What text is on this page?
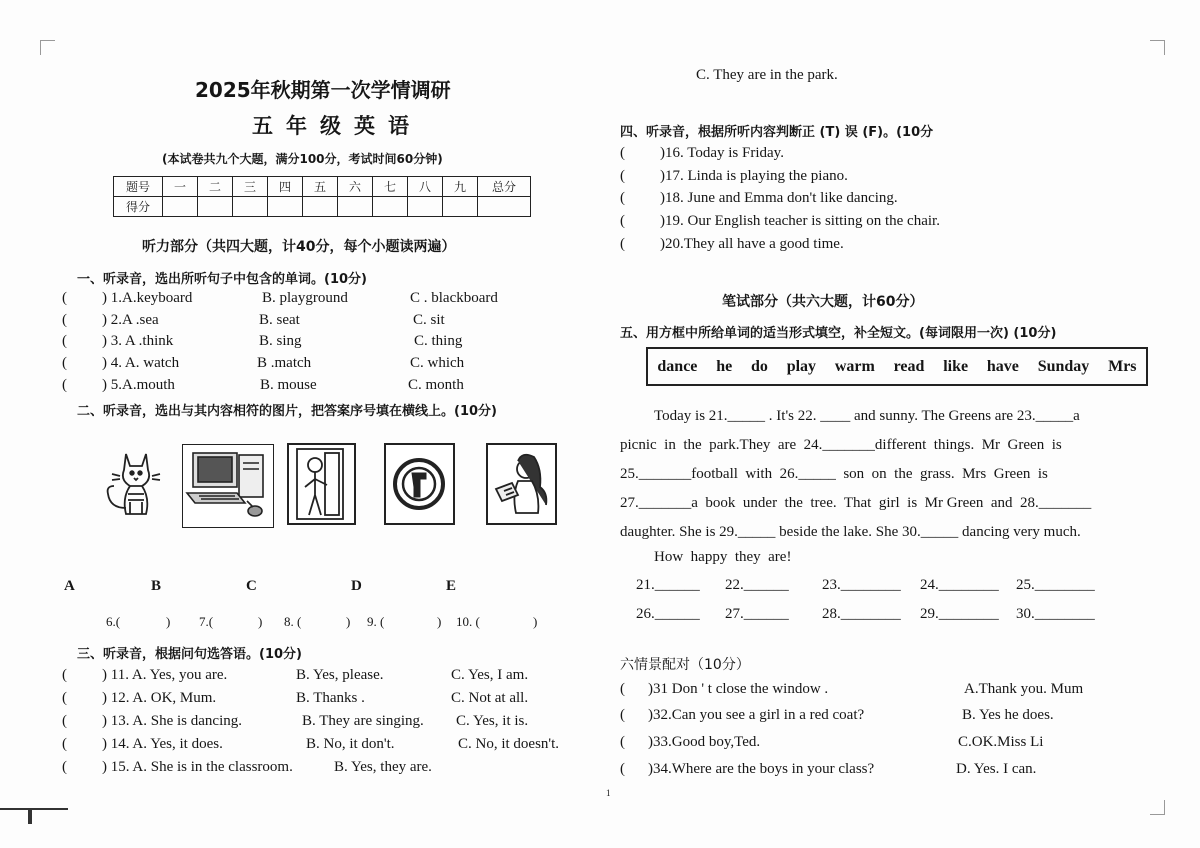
2025年秋期第一次学情调研
五年级英语
(本试卷共九个大题，满分100分，考试时间60分钟)
题号	一	二	三	四	五	六	七	八	九	总分
得分										
听力部分（共四大题，计40分，每个小题读两遍）
一、听录音，选出所听句子中包含的单词。(10分)
( ) 1.A.keyboard	B. playground	C . blackboard
( ) 2.A .sea	B. seat	C. sit
( ) 3. A .think	B. sing	C. thing
( ) 4. A. watch	B .match	C. which
( ) 5.A.mouth	B. mouse	C. month
二、听录音，选出与其内容相符的图片，把答案序号填在横线上。(10分)
A	B	C	D	E
6.(	) 7.(	) 8. (	) 9. (	) 10. (	)
三、听录音，根据问句选答语。(10分)
( ) 11. A. Yes, you are.	B. Yes, please.	C. Yes, I am.
( ) 12. A. OK, Mum.	B. Thanks .	C. Not at all.
( ) 13. A. She is dancing.	B. They are singing. C. Yes, it is.
( ) 14. A. Yes, it does.	B. No, it don't.	C. No, it doesn't.
( ) 15. A. She is in the classroom.	B. Yes, they are.
1
C. They are in the park.
四、听录音，根据所听内容判断正 (T) 误 (F)。(10分
( )16. Today is Friday.
( )17. Linda is playing the piano.
( )18. June and Emma don't like dancing.
( )19. Our English teacher is sitting on the chair.
( )20.They all have a good time.
笔试部分（共六大题，计60分）
五、用方框中所给单词的适当形式填空，补全短文。(每词限用一次) (10分)
dance he do play warm read like have Sunday Mrs
Today is 21._____ . It's 22. ____ and sunny. The Greens are 23._____a
picnic  in  the  park.They  are  24._______different  things.  Mr  Green  is
25._______football  with  26._____  son  on  the  grass.  Mrs  Green  is
27._______a  book  under  the  tree.  That  girl  is  Mr Green  and  28._______
daughter. She is 29._____ beside the lake. She 30._____ dancing very much.
How  happy  they  are!
21.______ 22.______ 23.________ 24.________ 25.________
26.______ 27.______ 28.________ 29.________ 30.________
六情景配对（10分）
( )31 Don ' t close the window .	A.Thank you. Mum
( )32.Can you see a girl in a red coat?	B. Yes he does.
( )33.Good boy,Ted.	C.OK.Miss Li
( )34.Where are the boys in your class?	D. Yes. I can.
